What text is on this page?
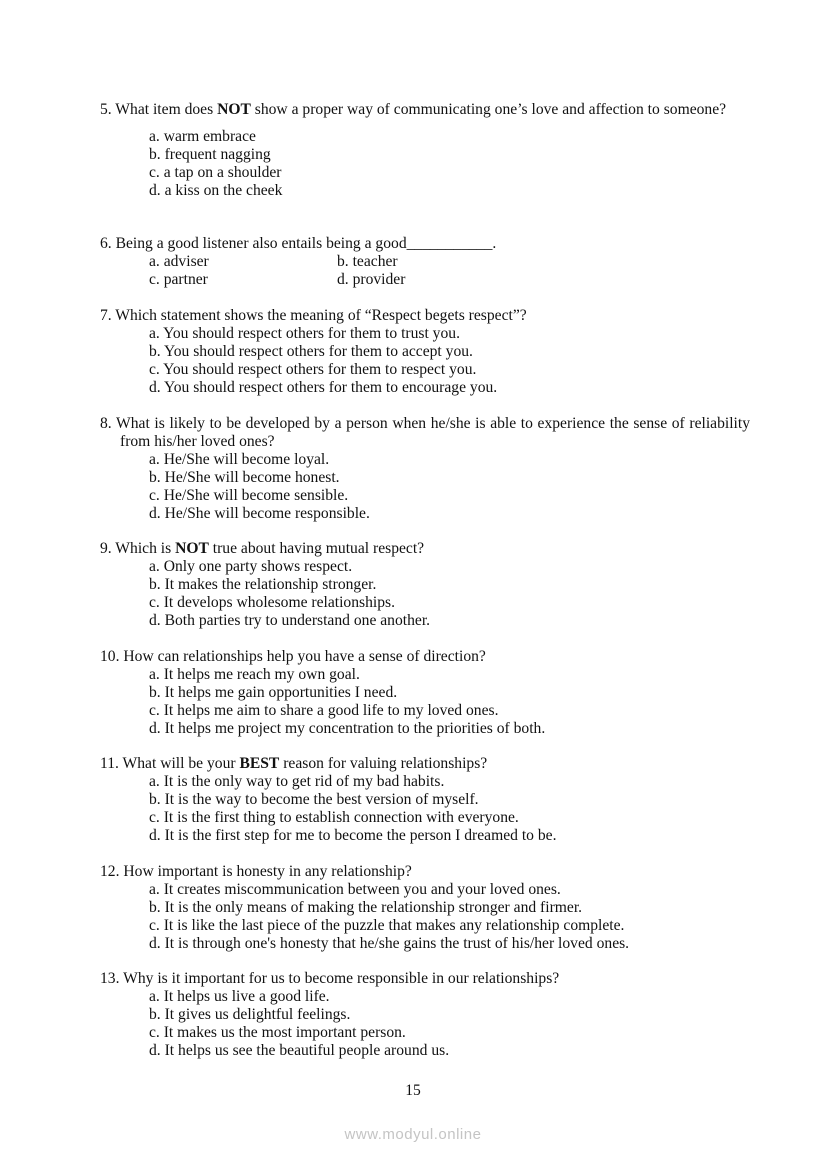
5. What item does NOT show a proper way of communicating one’s love and affection to someone?
a. warm embrace
b. frequent nagging
c. a tap on a shoulder
d. a kiss on the cheek
6. Being a good listener also entails being a good___________.
a. adviser	b. teacher
c. partner	d. provider
7. Which statement shows the meaning of “Respect begets respect”?
a. You should respect others for them to trust you.
b. You should respect others for them to accept you.
c. You should respect others for them to respect you.
d. You should respect others for them to encourage you.
8. What is likely to be developed by a person when he/she is able to experience the sense of reliability from his/her loved ones?
a. He/She will become loyal.
b. He/She will become honest.
c. He/She will become sensible.
d. He/She will become responsible.
9. Which is NOT true about having mutual respect?
a. Only one party shows respect.
b. It makes the relationship stronger.
c. It develops wholesome relationships.
d. Both parties try to understand one another.
10. How can relationships help you have a sense of direction?
a. It helps me reach my own goal.
b. It helps me gain opportunities I need.
c. It helps me aim to share a good life to my loved ones.
d. It helps me project my concentration to the priorities of both.
11. What will be your BEST reason for valuing relationships?
a. It is the only way to get rid of my bad habits.
b. It is the way to become the best version of myself.
c. It is the first thing to establish connection with everyone.
d. It is the first step for me to become the person I dreamed to be.
12. How important is honesty in any relationship?
a. It creates miscommunication between you and your loved ones.
b. It is the only means of making the relationship stronger and firmer.
c. It is like the last piece of the puzzle that makes any relationship complete.
d. It is through one's honesty that he/she gains the trust of his/her loved ones.
13. Why is it important for us to become responsible in our relationships?
a. It helps us live a good life.
b. It gives us delightful feelings.
c. It makes us the most important person.
d. It helps us see the beautiful people around us.
15
www.modyul.online
